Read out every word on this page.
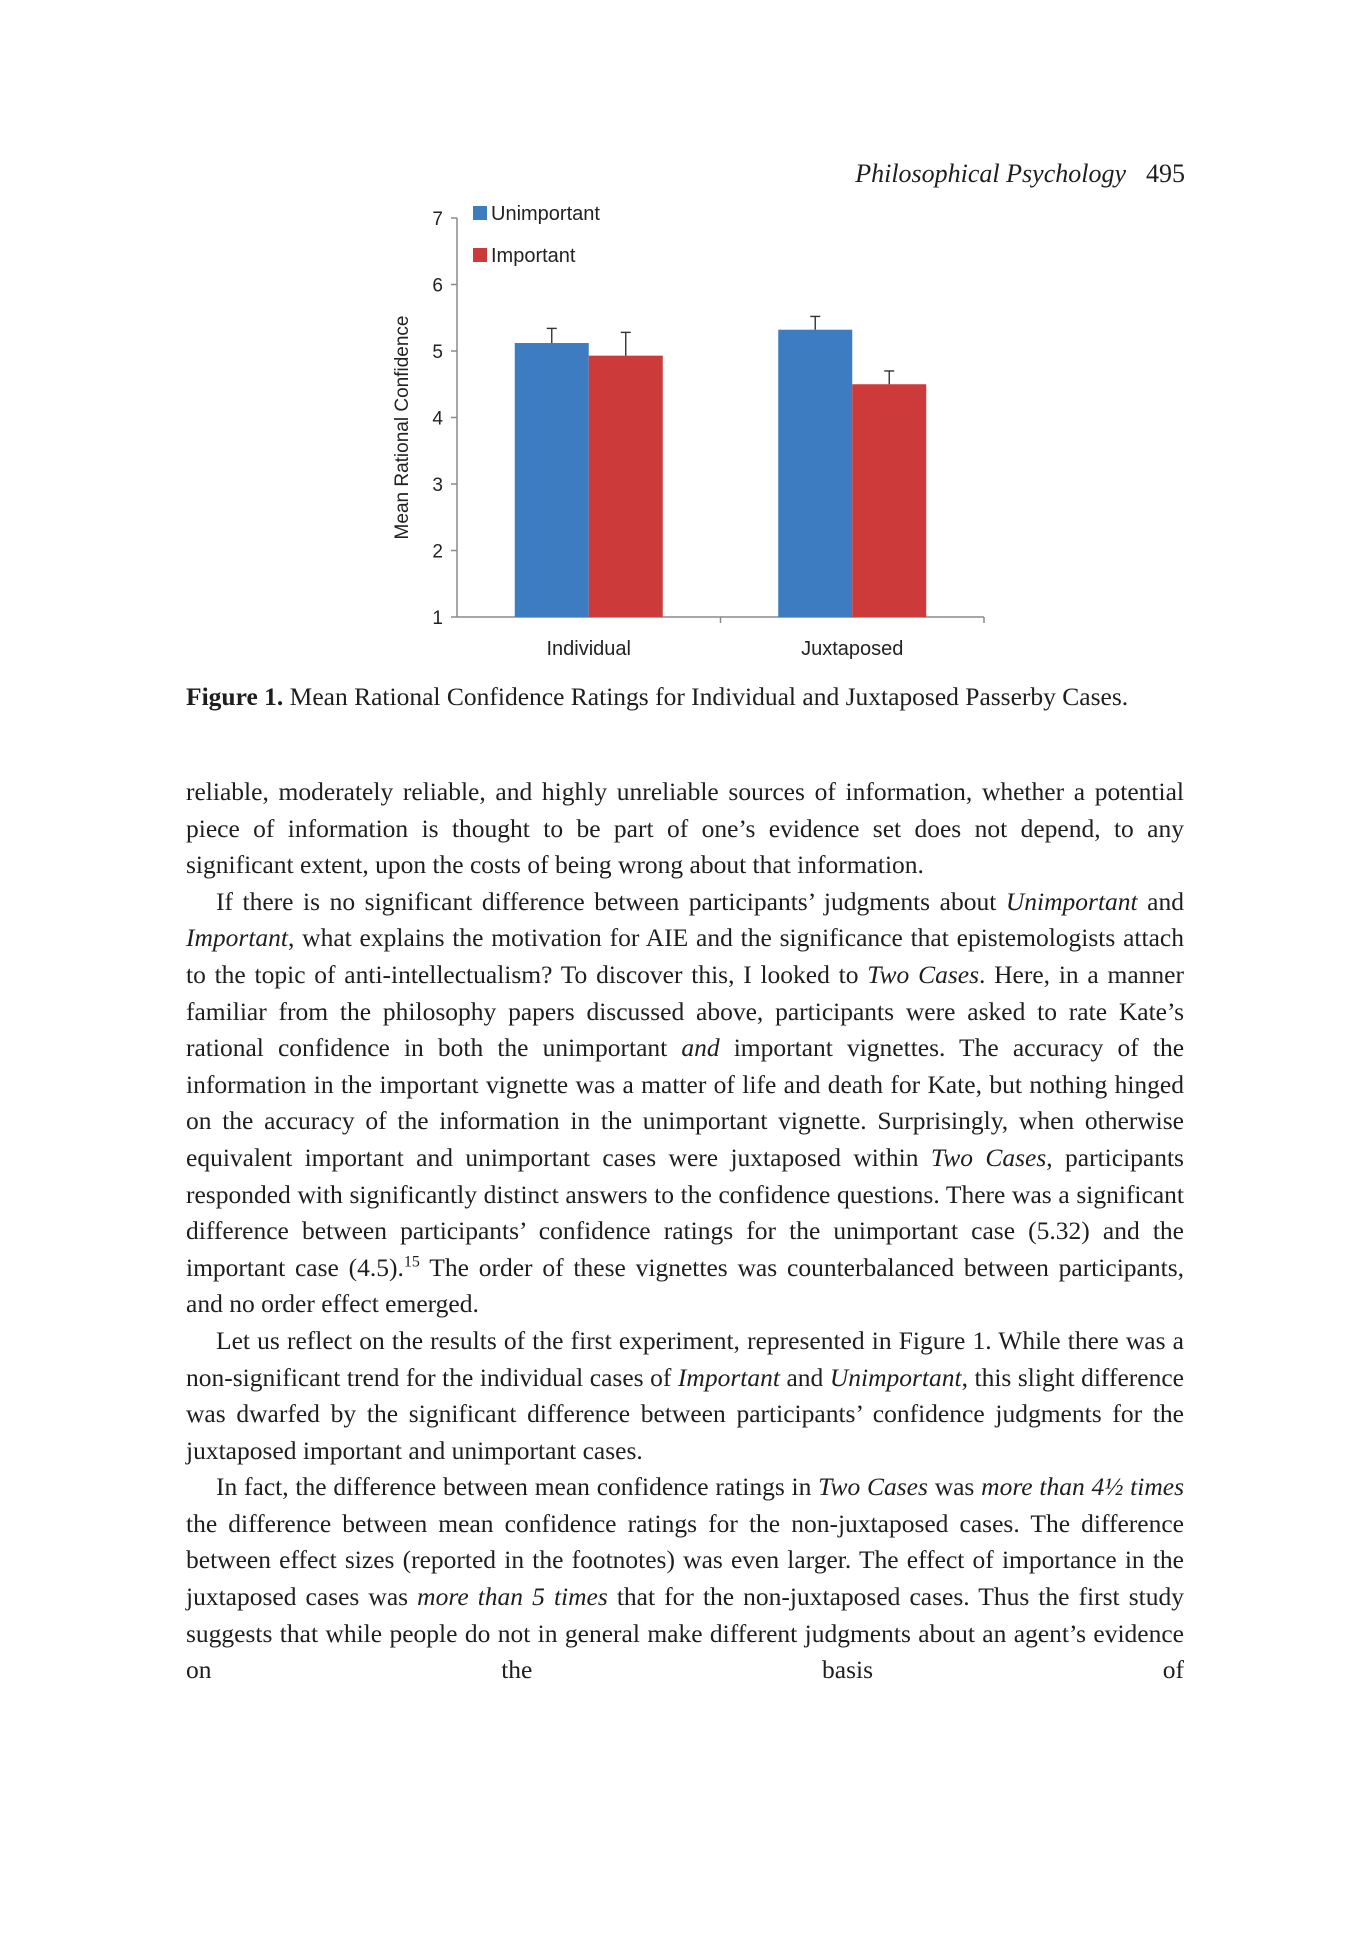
Philosophical Psychology 495
1
2
3
4
5
6
7
Mean Rational Confidence
Individual	Juxtaposed
Unimportant
Important
Figure 1. Mean Rational Confidence Ratings for Individual and Juxtaposed Passerby Cases.

reliable, moderately reliable, and highly unreliable sources of information, whether a potential piece of information is thought to be part of one’s evidence set does not depend, to any significant extent, upon the costs of being wrong about that information.

If there is no significant difference between participants’ judgments about Unimportant and Important, what explains the motivation for AIE and the significance that epistemologists attach to the topic of anti-intellectualism? To discover this, I looked to Two Cases. Here, in a manner familiar from the philosophy papers discussed above, participants were asked to rate Kate’s rational confidence in both the unimportant and important vignettes. The accuracy of the information in the important vignette was a matter of life and death for Kate, but nothing hinged on the accuracy of the information in the unimportant vignette. Surprisingly, when otherwise equivalent important and unimportant cases were juxtaposed within Two Cases, participants responded with significantly distinct answers to the confidence questions. There was a significant difference between participants’ confidence ratings for the unimportant case (5.32) and the important case (4.5).$^{15}$ The order of these vignettes was counterbalanced between participants, and no order effect emerged.

Let us reflect on the results of the first experiment, represented in Figure 1. While there was a non-significant trend for the individual cases of Important and Unimportant, this slight difference was dwarfed by the significant difference between participants’ confidence judgments for the juxtaposed important and unimportant cases.

In fact, the difference between mean confidence ratings in Two Cases was more than 4½ times the difference between mean confidence ratings for the non-juxtaposed cases. The difference between effect sizes (reported in the footnotes) was even larger. The effect of importance in the juxtaposed cases was more than 5 times that for the non-juxtaposed cases. Thus the first study suggests that while people do not in general make different judgments about an agent’s evidence on the basis of
